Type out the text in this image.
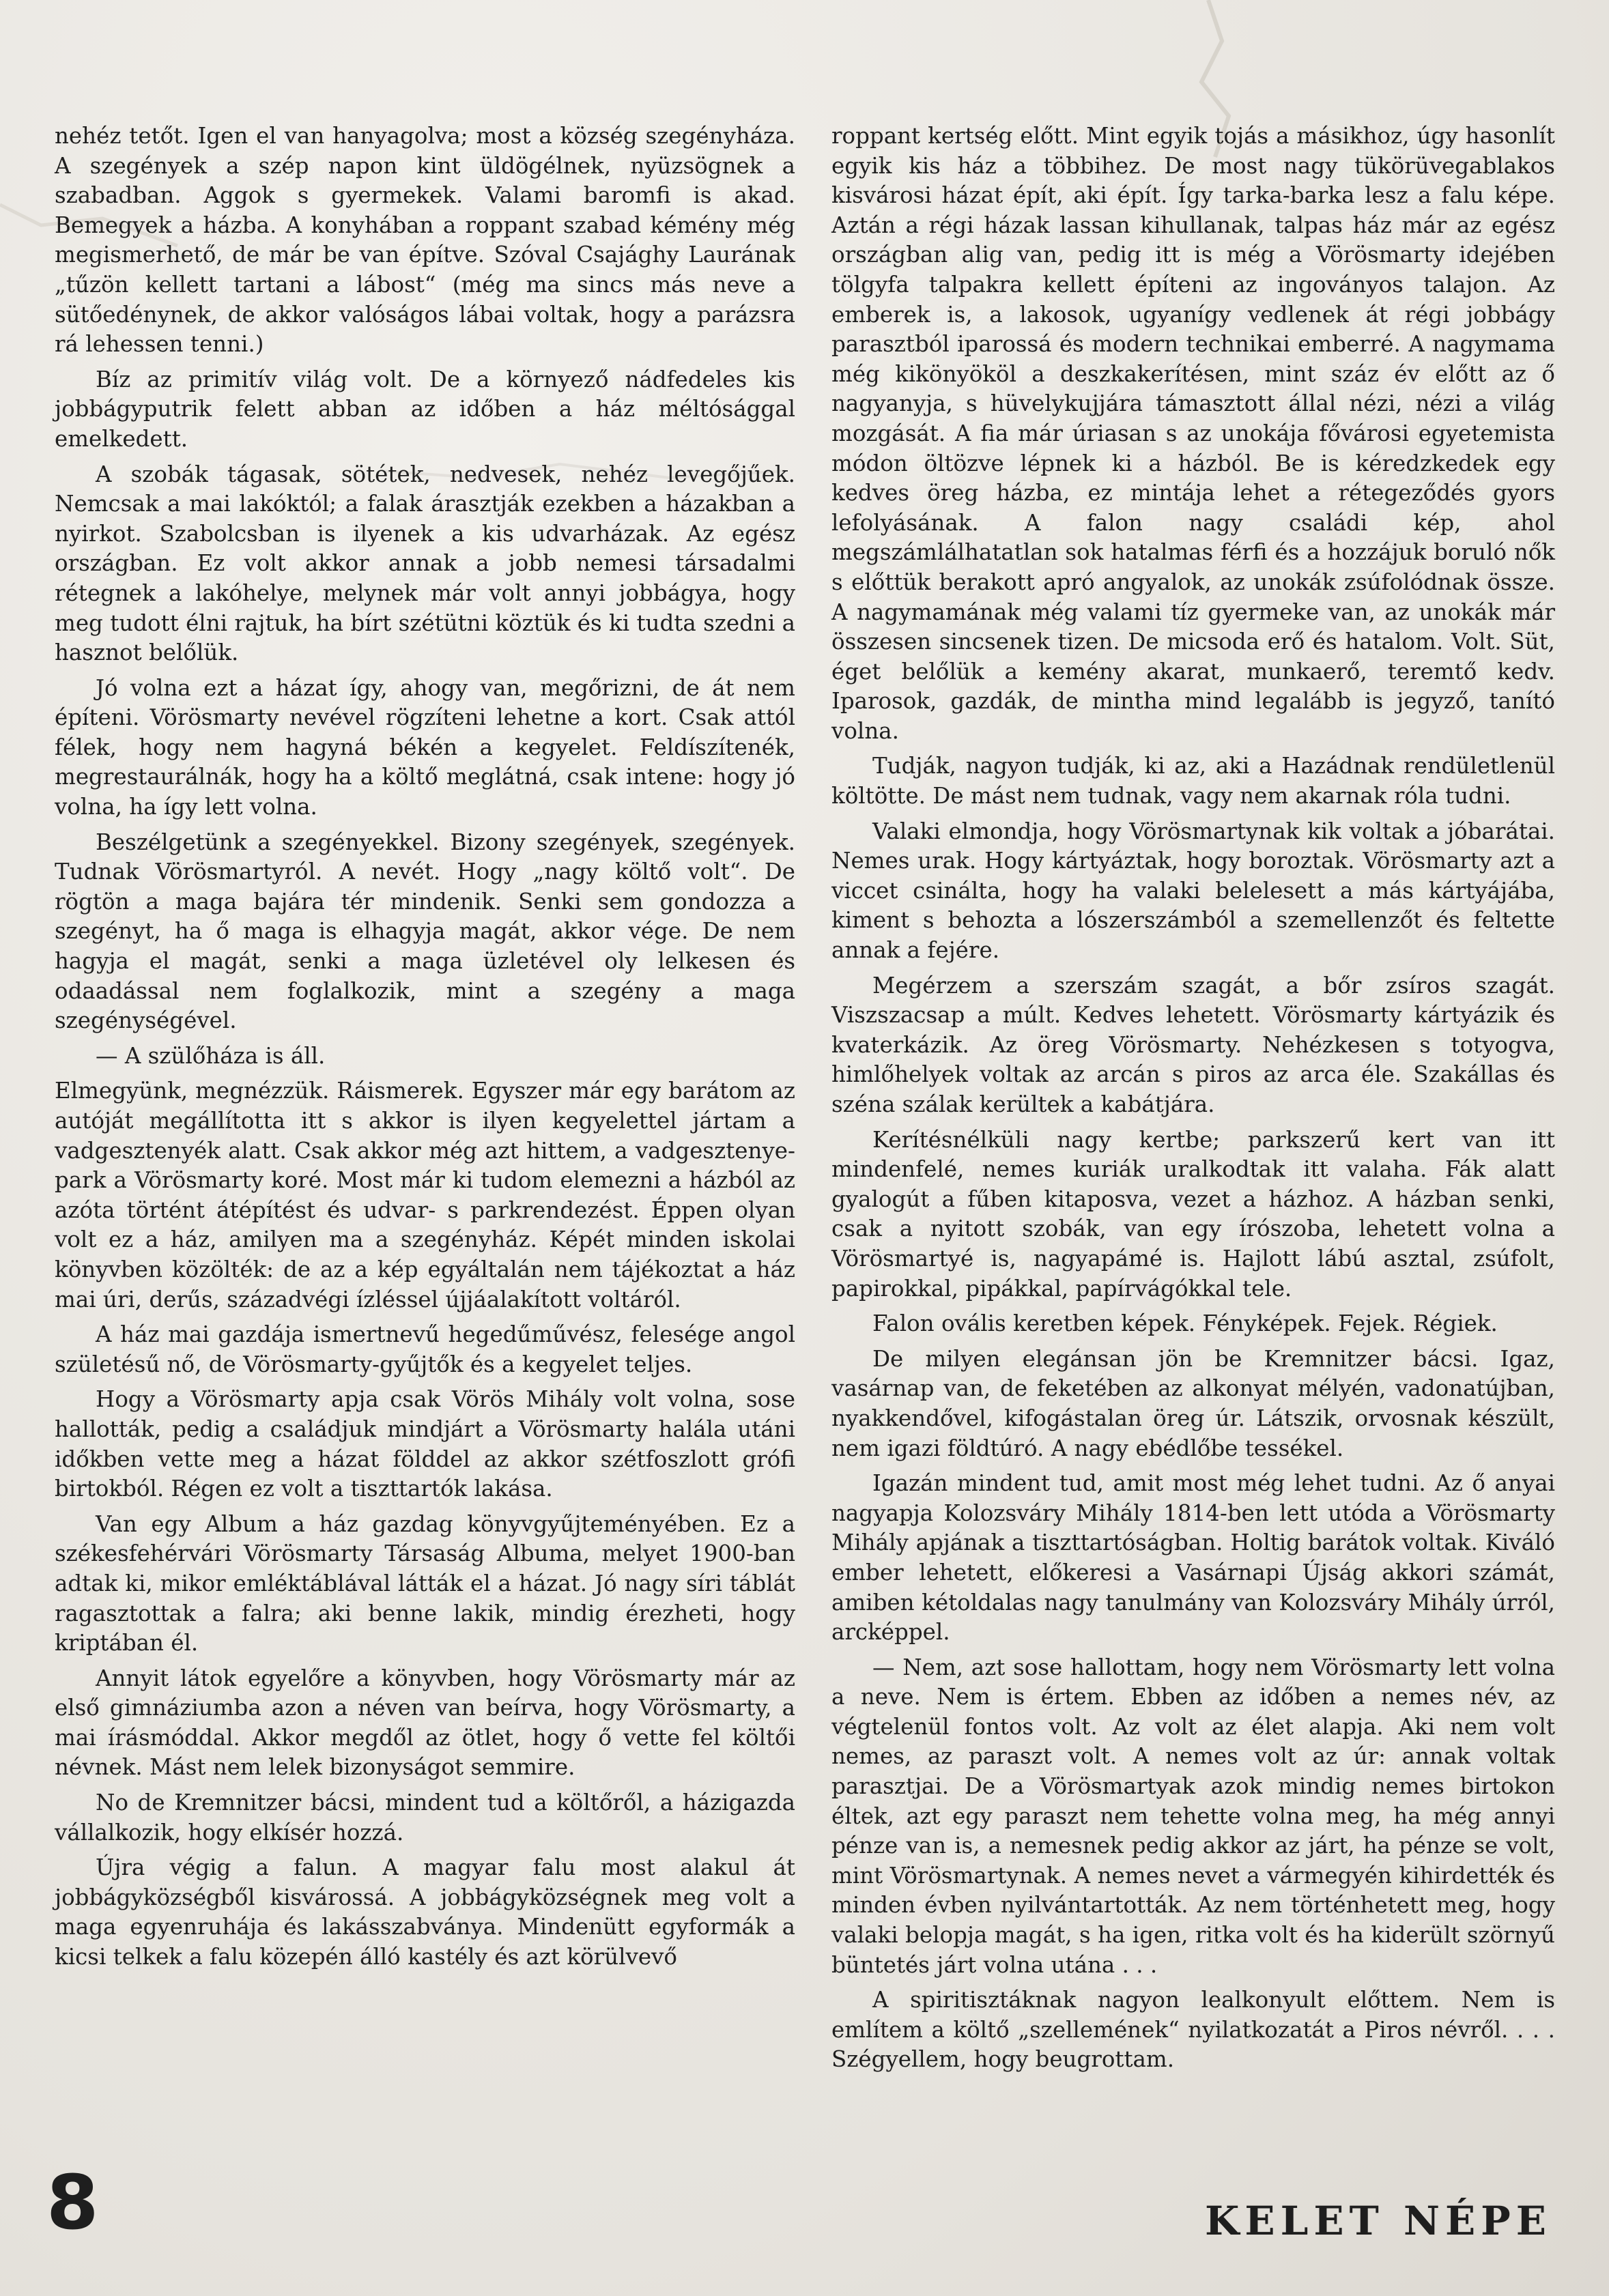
nehéz tetőt. Igen el van hanyagolva; most a község szegényháza. A szegények a szép napon kint üldögélnek, nyüzsögnek a szabadban. Aggok s gyermekek. Valami baromfi is akad. Bemegyek a házba. A konyhában a roppant szabad kémény még megismerhető, de már be van építve. Szóval Csajághy Laurának „tűzön kellett tartani a lábost“ (még ma sincs más neve a sütőedénynek, de akkor valóságos lábai voltak, hogy a parázsra rá lehessen tenni.)

Bíz az primitív világ volt. De a környező nádfedeles kis jobbágyputrik felett abban az időben a ház méltósággal emelkedett.

A szobák tágasak, sötétek, nedvesek, nehéz levegőjűek. Nemcsak a mai lakóktól; a falak árasztják ezekben a házakban a nyirkot. Szabolcsban is ilyenek a kis udvarházak. Az egész országban. Ez volt akkor annak a jobb nemesi társadalmi rétegnek a lakóhelye, melynek már volt annyi jobbágya, hogy meg tudott élni rajtuk, ha bírt szétütni köztük és ki tudta szedni a hasznot belőlük.

Jó volna ezt a házat így, ahogy van, megőrizni, de át nem építeni. Vörösmarty nevével rögzíteni lehetne a kort. Csak attól félek, hogy nem hagyná békén a kegyelet. Feldíszítenék, megrestaurálnák, hogy ha a költő meglátná, csak intene: hogy jó volna, ha így lett volna.

Beszélgetünk a szegényekkel. Bizony szegények, szegények. Tudnak Vörösmartyról. A nevét. Hogy „nagy költő volt“. De rögtön a maga bajára tér mindenik. Senki sem gondozza a szegényt, ha ő maga is elhagyja magát, akkor vége. De nem hagyja el magát, senki a maga üzletével oly lelkesen és odaadással nem foglalkozik, mint a szegény a maga szegénységével.

— A szülőháza is áll.

Elmegyünk, megnézzük. Ráismerek. Egyszer már egy barátom az autóját megállította itt s akkor is ilyen kegyelettel jártam a vadgesztenyék alatt. Csak akkor még azt hittem, a vadgesztenye-park a Vörösmarty koré. Most már ki tudom elemezni a házból az azóta történt átépítést és udvar- s parkrendezést. Éppen olyan volt ez a ház, amilyen ma a szegényház. Képét minden iskolai könyvben közölték: de az a kép egyáltalán nem tájékoztat a ház mai úri, derűs, századvégi ízléssel újjáalakított voltáról.

A ház mai gazdája ismertnevű hegedűművész, felesége angol születésű nő, de Vörösmarty-gyűjtők és a kegyelet teljes.

Hogy a Vörösmarty apja csak Vörös Mihály volt volna, sose hallották, pedig a családjuk mindjárt a Vörösmarty halála utáni időkben vette meg a házat földdel az akkor szétfoszlott grófi birtokból. Régen ez volt a tiszttartók lakása.

Van egy Album a ház gazdag könyvgyűjteményében. Ez a székesfehérvári Vörösmarty Társaság Albuma, melyet 1900-ban adtak ki, mikor emléktáblával látták el a házat. Jó nagy síri táblát ragasztottak a falra; aki benne lakik, mindig érezheti, hogy kriptában él.

Annyit látok egyelőre a könyvben, hogy Vörösmarty már az első gimnáziumba azon a néven van beírva, hogy Vörösmarty, a mai írásmóddal. Akkor megdől az ötlet, hogy ő vette fel költői névnek. Mást nem lelek bizonyságot semmire.

No de Kremnitzer bácsi, mindent tud a költőről, a házigazda vállalkozik, hogy elkísér hozzá.

Újra végig a falun. A magyar falu most alakul át jobbágyközségből kisvárossá. A jobbágyközségnek meg volt a maga egyenruhája és lakásszabványa. Mindenütt egyformák a kicsi telkek a falu közepén álló kastély és azt körülvevő

roppant kertség előtt. Mint egyik tojás a másikhoz, úgy hasonlít egyik kis ház a többihez. De most nagy tükörüvegablakos kisvárosi házat épít, aki épít. Így tarka-barka lesz a falu képe. Aztán a régi házak lassan kihullanak, talpas ház már az egész országban alig van, pedig itt is még a Vörösmarty idejében tölgyfa talpakra kellett építeni az ingoványos talajon. Az emberek is, a lakosok, ugyanígy vedlenek át régi jobbágy parasztból iparossá és modern technikai emberré. A nagymama még kikönyököl a deszkakerítésen, mint száz év előtt az ő nagyanyja, s hüvelykujjára támasztott állal nézi, nézi a világ mozgását. A fia már úriasan s az unokája fővárosi egyetemista módon öltözve lépnek ki a házból. Be is kéredzkedek egy kedves öreg házba, ez mintája lehet a rétegeződés gyors lefolyásának. A falon nagy családi kép, ahol megszámlálhatatlan sok hatalmas férfi és a hozzájuk boruló nők s előttük berakott apró angyalok, az unokák zsúfolódnak össze. A nagymamának még valami tíz gyermeke van, az unokák már összesen sincsenek tizen. De micsoda erő és hatalom. Volt. Süt, éget belőlük a kemény akarat, munkaerő, teremtő kedv. Iparosok, gazdák, de mintha mind legalább is jegyző, tanító volna.

Tudják, nagyon tudják, ki az, aki a Hazádnak rendületlenül költötte. De mást nem tudnak, vagy nem akarnak róla tudni.

Valaki elmondja, hogy Vörösmartynak kik voltak a jóbarátai. Nemes urak. Hogy kártyáztak, hogy boroztak. Vörösmarty azt a viccet csinálta, hogy ha valaki belelesett a más kártyájába, kiment s behozta a lószerszámból a szemellenzőt és feltette annak a fejére.

Megérzem a szerszám szagát, a bőr zsíros szagát. Viszszacsap a múlt. Kedves lehetett. Vörösmarty kártyázik és kvaterkázik. Az öreg Vörösmarty. Nehézkesen s totyogva, himlőhelyek voltak az arcán s piros az arca éle. Szakállas és széna szálak kerültek a kabátjára.

Kerítésnélküli nagy kertbe; parkszerű kert van itt mindenfelé, nemes kuriák uralkodtak itt valaha. Fák alatt gyalogút a fűben kitaposva, vezet a házhoz. A házban senki, csak a nyitott szobák, van egy írószoba, lehetett volna a Vörösmartyé is, nagyapámé is. Hajlott lábú asztal, zsúfolt, papirokkal, pipákkal, papírvágókkal tele.

Falon ovális keretben képek. Fényképek. Fejek. Régiek.

De milyen elegánsan jön be Kremnitzer bácsi. Igaz, vasárnap van, de feketében az alkonyat mélyén, vadonatújban, nyakkendővel, kifogástalan öreg úr. Látszik, orvosnak készült, nem igazi földtúró. A nagy ebédlőbe tessékel.

Igazán mindent tud, amit most még lehet tudni. Az ő anyai nagyapja Kolozsváry Mihály 1814-ben lett utóda a Vörösmarty Mihály apjának a tiszttartóságban. Holtig barátok voltak. Kiváló ember lehetett, előkeresi a Vasárnapi Újság akkori számát, amiben kétoldalas nagy tanulmány van Kolozsváry Mihály úrról, arcképpel.

— Nem, azt sose hallottam, hogy nem Vörösmarty lett volna a neve. Nem is értem. Ebben az időben a nemes név, az végtelenül fontos volt. Az volt az élet alapja. Aki nem volt nemes, az paraszt volt. A nemes volt az úr: annak voltak parasztjai. De a Vörösmartyak azok mindig nemes birtokon éltek, azt egy paraszt nem tehette volna meg, ha még annyi pénze van is, a nemesnek pedig akkor az járt, ha pénze se volt, mint Vörösmartynak. A nemes nevet a vármegyén kihirdették és minden évben nyilvántartották. Az nem történhetett meg, hogy valaki belopja magát, s ha igen, ritka volt és ha kiderült szörnyű büntetés járt volna utána . . .

A spiritisztáknak nagyon lealkonyult előttem. Nem is említem a költő „szellemének“ nyilatkozatát a Piros névről. . . . Szégyellem, hogy beugrottam.

8	KELET NÉPE
